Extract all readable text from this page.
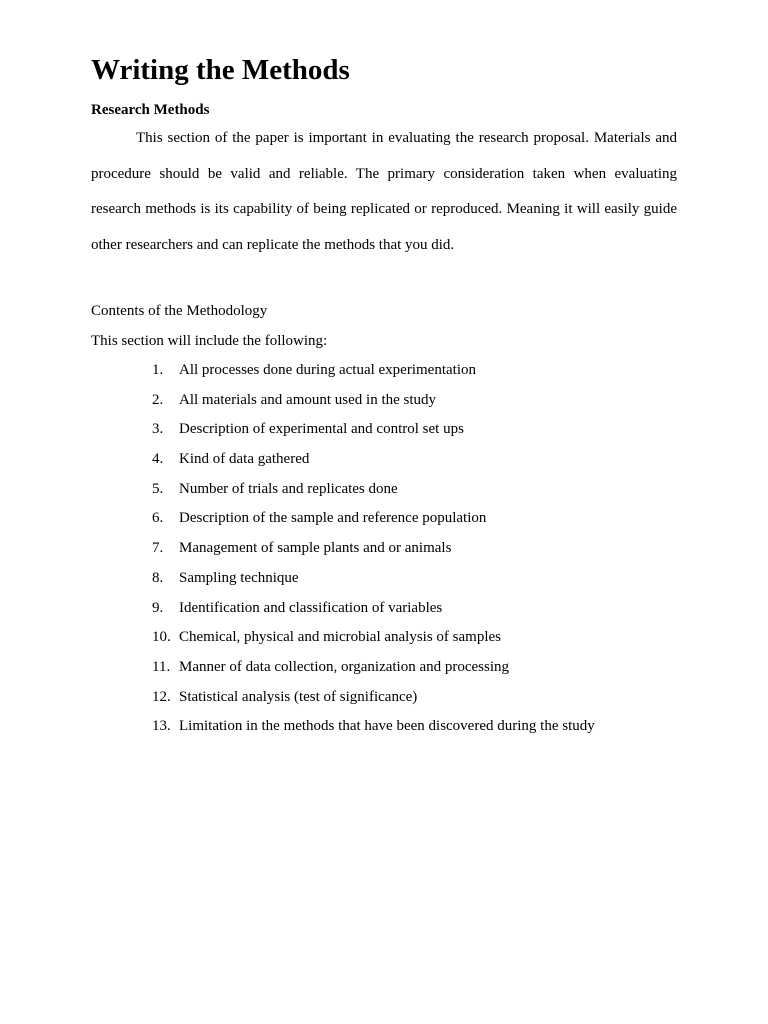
Writing the Methods
Research Methods

This section of the paper is important in evaluating the research proposal. Materials and procedure should be valid and reliable. The primary consideration taken when evaluating research methods is its capability of being replicated or reproduced. Meaning it will easily guide other researchers and can replicate the methods that you did.

Contents of the Methodology

This section will include the following:

1. All processes done during actual experimentation
2. All materials and amount used in the study
3. Description of experimental and control set ups
4. Kind of data gathered
5. Number of trials and replicates done
6. Description of the sample and reference population
7. Management of sample plants and or animals
8. Sampling technique
9. Identification and classification of variables
10. Chemical, physical and microbial analysis of samples
11. Manner of data collection, organization and processing
12. Statistical analysis (test of significance)
13. Limitation in the methods that have been discovered during the study
